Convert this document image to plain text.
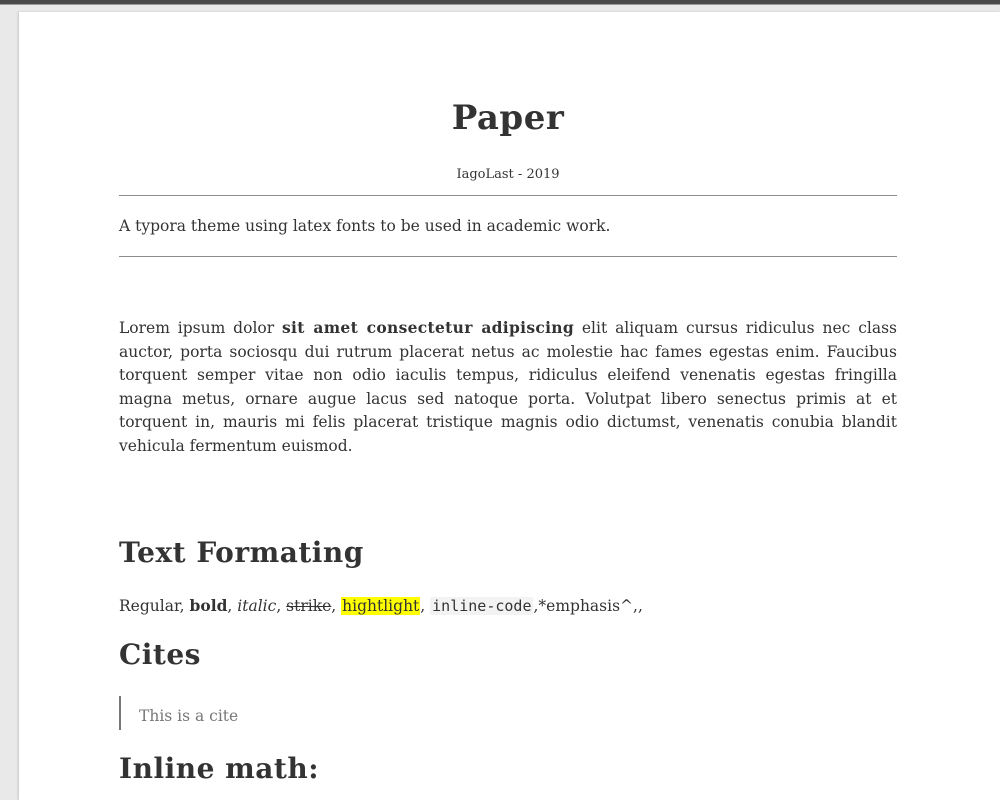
Paper
IagoLast - 2019
A typora theme using latex fonts to be used in academic work.

Lorem ipsum dolor sit amet consectetur adipiscing elit aliquam cursus ridiculus nec class auctor, porta sociosqu dui rutrum placerat netus ac molestie hac fames egestas enim. Faucibus torquent semper vitae non odio iaculis tempus, ridiculus eleifend venenatis egestas fringilla magna metus, ornare augue lacus sed natoque porta. Volutpat libero senectus primis at et torquent in, mauris mi felis placerat tristique magnis odio dictumst, venenatis conubia blandit vehicula fermentum euismod.

Text Formating
Regular, bold, italic, strike, hightlight, inline-code ,*emphasis^,,
Cites
This is a cite
Inline math:
